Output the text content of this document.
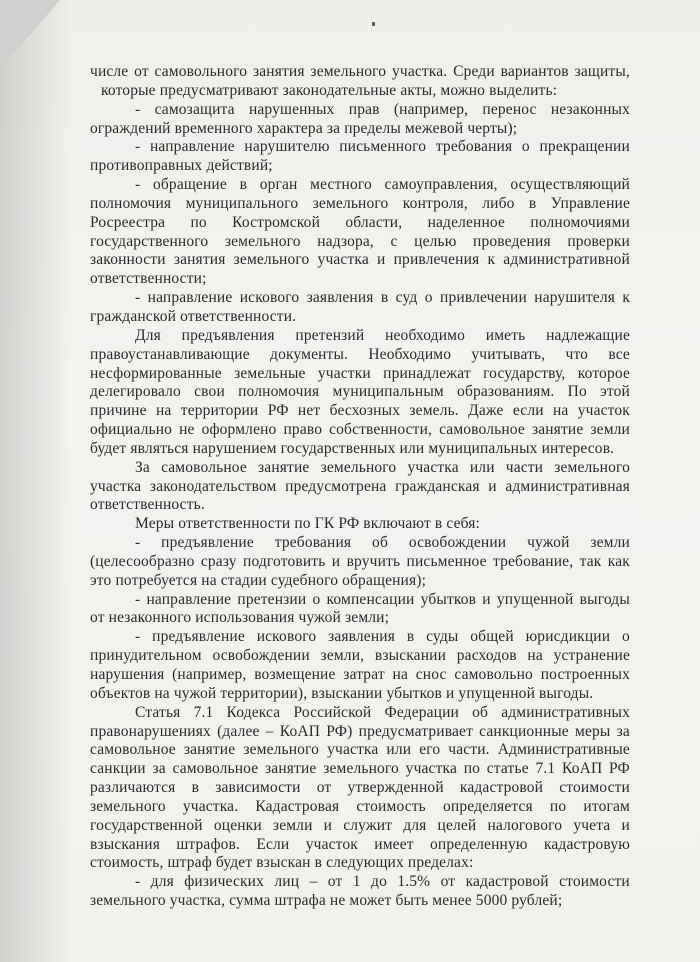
числе от самовольного занятия земельного участка. Среди вариантов защиты,
которые предусматривают законодательные акты, можно выделить:

- самозащита нарушенных прав (например, перенос незаконных
ограждений временного характера за пределы межевой черты);

- направление нарушителю письменного требования о прекращении
противоправных действий;

- обращение в орган местного самоуправления, осуществляющий
полномочия муниципального земельного контроля, либо в Управление
Росреестра по Костромской области, наделенное полномочиями
государственного земельного надзора, с целью проведения проверки
законности занятия земельного участка и привлечения к административной
ответственности;

- направление искового заявления в суд о привлечении нарушителя к
гражданской ответственности.

Для предъявления претензий необходимо иметь надлежащие
правоустанавливающие документы. Необходимо учитывать, что все
несформированные земельные участки принадлежат государству, которое
делегировало свои полномочия муниципальным образованиям. По этой
причине на территории РФ нет бесхозных земель. Даже если на участок
официально не оформлено право собственности, самовольное занятие земли
будет являться нарушением государственных или муниципальных интересов.

За самовольное занятие земельного участка или части земельного
участка законодательством предусмотрена гражданская и административная
ответственность.

Меры ответственности по ГК РФ включают в себя:

- предъявление требования об освобождении чужой земли
(целесообразно сразу подготовить и вручить письменное требование, так как
это потребуется на стадии судебного обращения);

- направление претензии о компенсации убытков и упущенной выгоды
от незаконного использования чужой земли;

- предъявление искового заявления в суды общей юрисдикции о
принудительном освобождении земли, взыскании расходов на устранение
нарушения (например, возмещение затрат на снос самовольно построенных
объектов на чужой территории), взыскании убытков и упущенной выгоды.

Статья 7.1 Кодекса Российской Федерации об административных
правонарушениях (далее – КоАП РФ) предусматривает санкционные меры за
самовольное занятие земельного участка или его части. Административные
санкции за самовольное занятие земельного участка по статье 7.1 КоАП РФ
различаются в зависимости от утвержденной кадастровой стоимости
земельного участка. Кадастровая стоимость определяется по итогам
государственной оценки земли и служит для целей налогового учета и
взыскания штрафов. Если участок имеет определенную кадастровую
стоимость, штраф будет взыскан в следующих пределах:

- для физических лиц – от 1 до 1.5% от кадастровой стоимости
земельного участка, сумма штрафа не может быть менее 5000 рублей;
